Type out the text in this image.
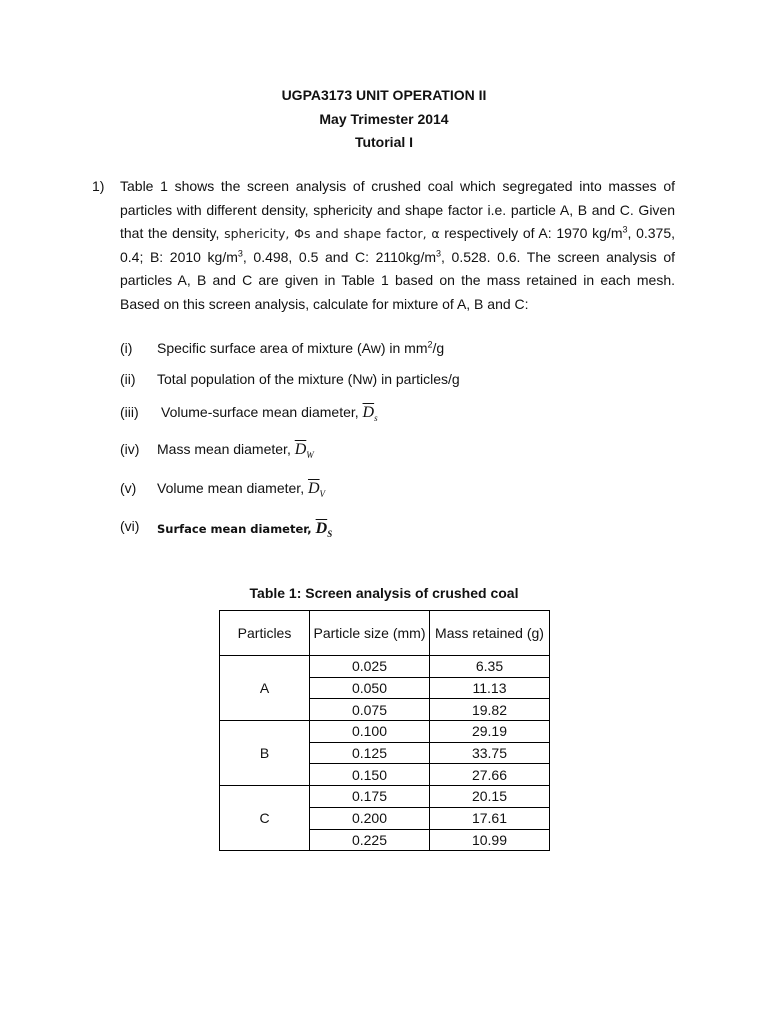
UGPA3173 UNIT OPERATION II
May Trimester 2014
Tutorial I
1) Table 1 shows the screen analysis of crushed coal which segregated into masses of particles with different density, sphericity and shape factor i.e. particle A, B and C. Given that the density, sphericity, Φs and shape factor, α respectively of A: 1970 $kg/m^3$, 0.375, 0.4; B: 2010 $kg/m^3$, 0.498, 0.5 and C: $2110kg/m^3$, 0.528. 0.6. The screen analysis of particles A, B and C are given in Table 1 based on the mass retained in each mesh. Based on this screen analysis, calculate for mixture of A, B and C:
(i) Specific surface area of mixture (Aw) in $mm^2/g$
(ii) Total population of the mixture (Nw) in particles/g
(iii) Volume-surface mean diameter, $D_s$
(iv) Mass mean diameter, $D_W$
(v) Volume mean diameter, $D_V$
(vi) Surface mean diameter, $D_S$
Table 1: Screen analysis of crushed coal
Particles	Particle size (mm)	Mass retained (g)
A	0.025	6.35
	0.050	11.13
	0.075	19.82
B	0.100	29.19
	0.125	33.75
	0.150	27.66
C	0.175	20.15
	0.200	17.61
	0.225	10.99
